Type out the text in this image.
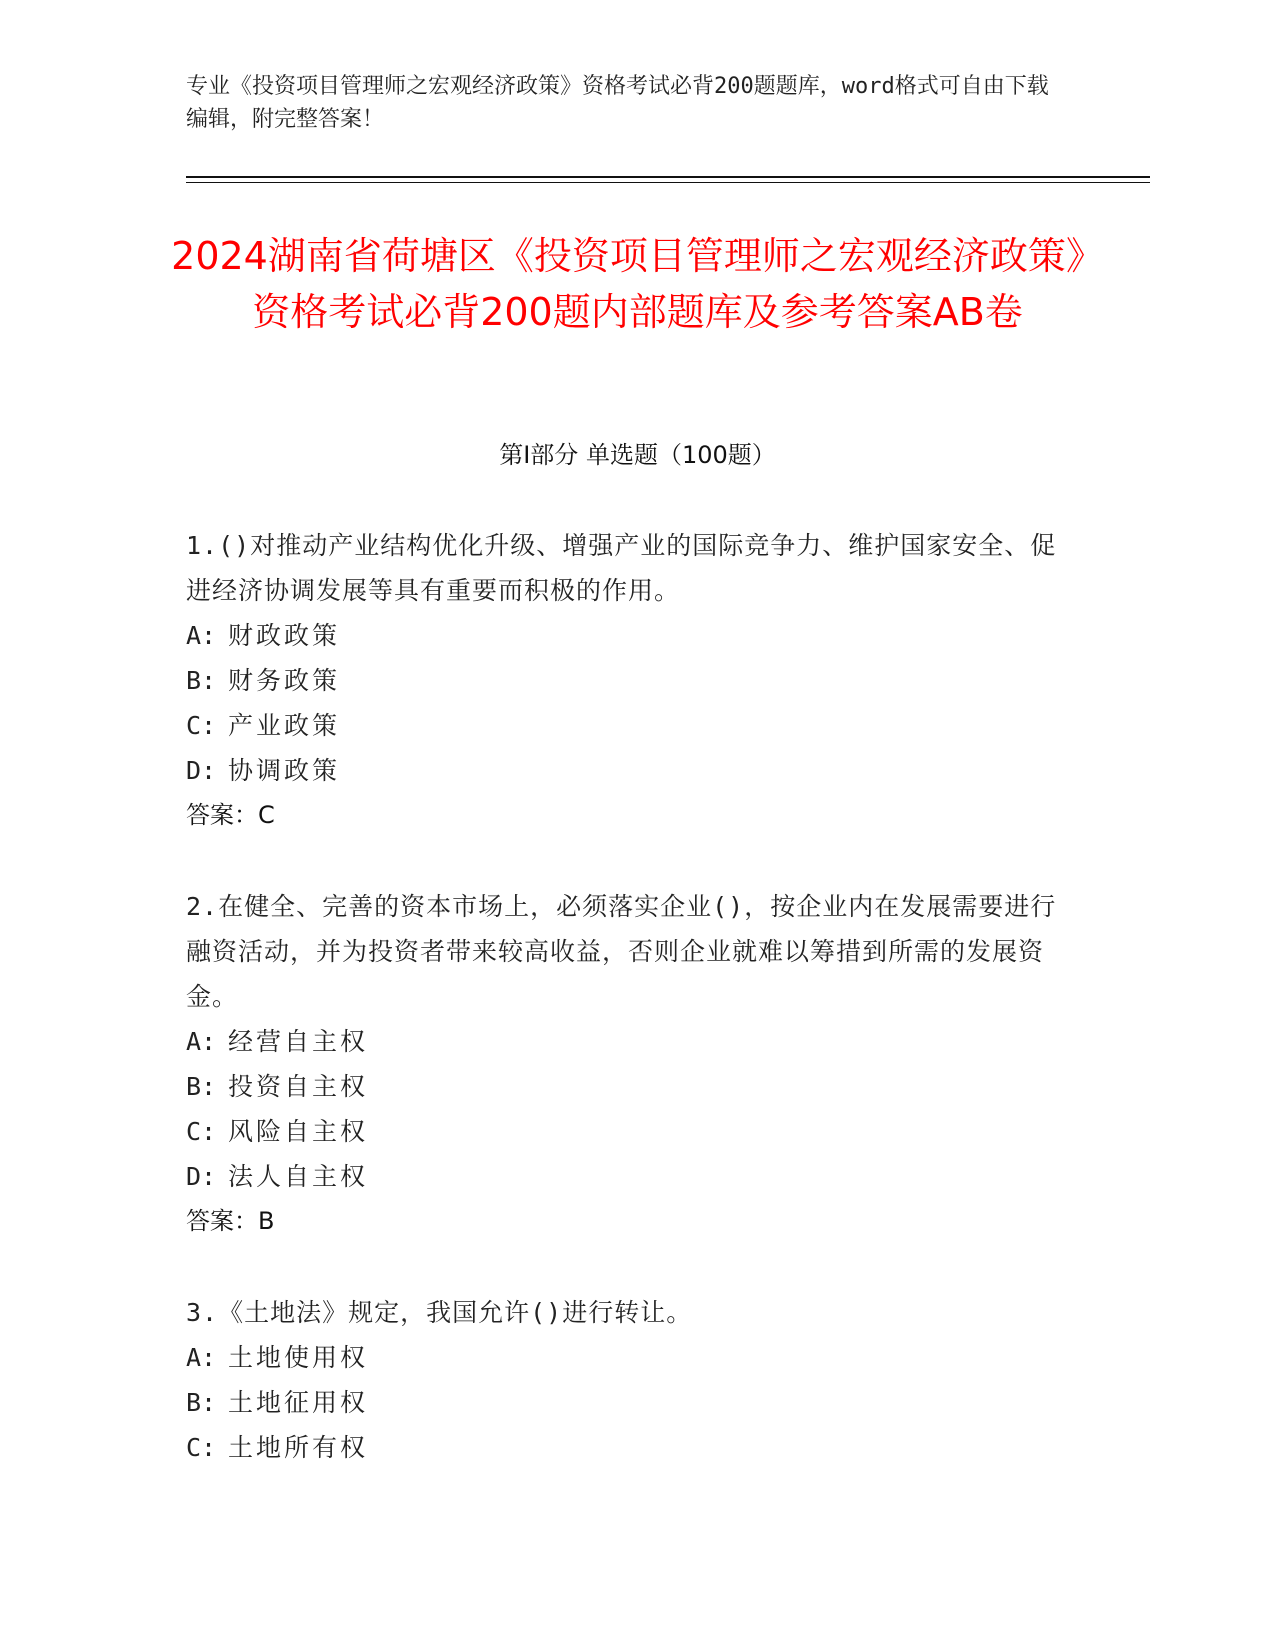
专业《投资项目管理师之宏观经济政策》资格考试必背200题题库，word格式可自由下载编辑，附完整答案！
2024湖南省荷塘区《投资项目管理师之宏观经济政策》资格考试必背200题内部题库及参考答案AB卷
第I部分 单选题（100题）
1.()对推动产业结构优化升级、增强产业的国际竞争力、维护国家安全、促进经济协调发展等具有重要而积极的作用。
A: 财政政策
B: 财务政策
C: 产业政策
D: 协调政策
答案：C
2.在健全、完善的资本市场上，必须落实企业()，按企业内在发展需要进行融资活动，并为投资者带来较高收益，否则企业就难以筹措到所需的发展资金。
A: 经营自主权
B: 投资自主权
C: 风险自主权
D: 法人自主权
答案：B
3.《土地法》规定，我国允许()进行转让。
A: 土地使用权
B: 土地征用权
C: 土地所有权
